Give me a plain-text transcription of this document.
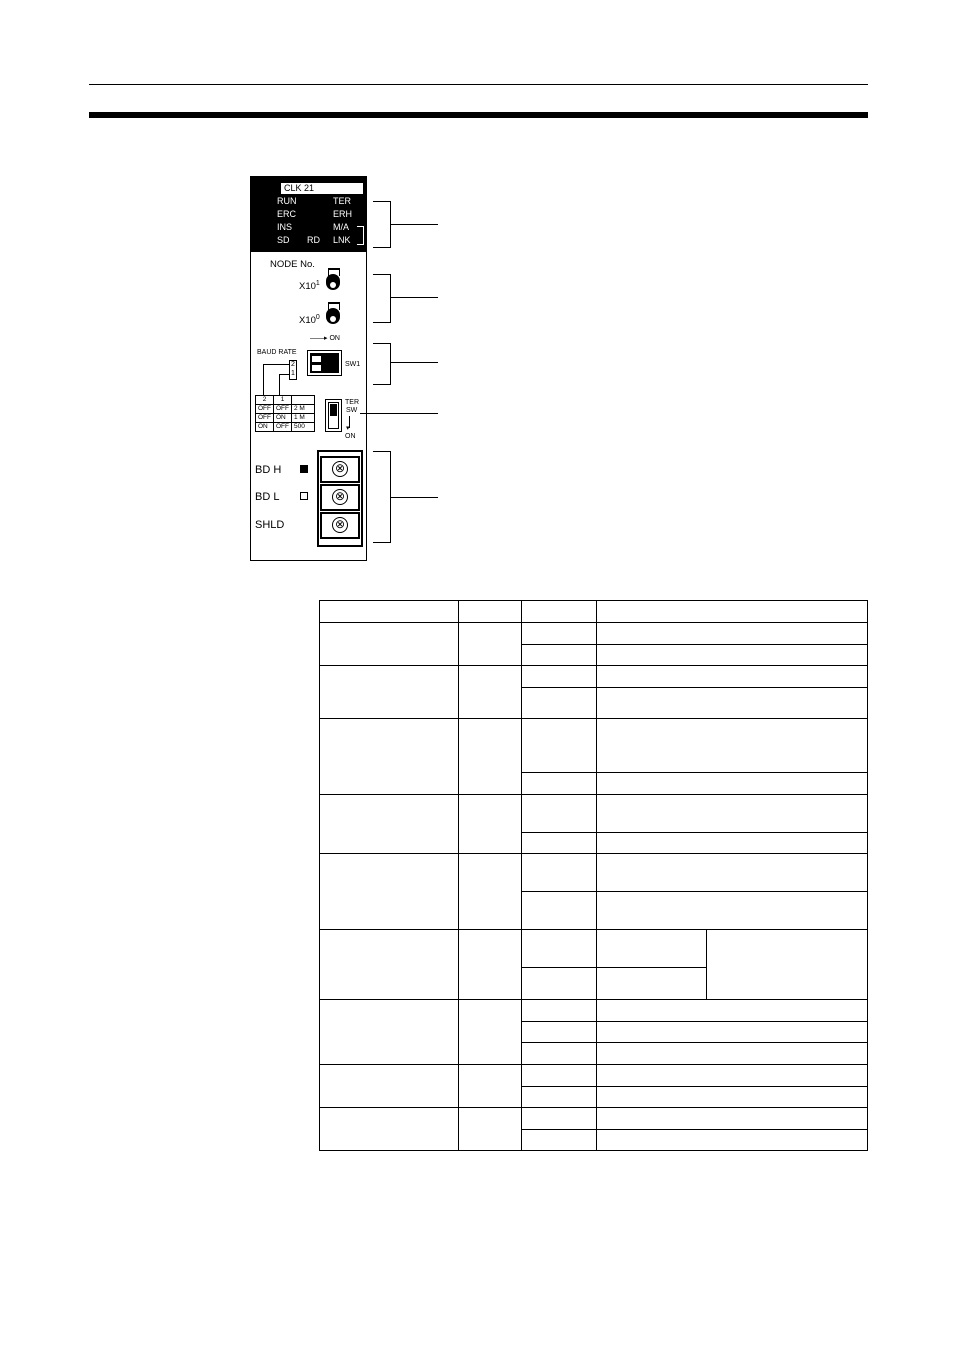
CLK 21
RUN	TER
ERC	ERH
INS	M/A
SD RD LNK
NODE No.
$X10^1$
$X10^0$
——▸ ON
BAUD RATE
2
1
SW1
2	1	
OFF	OFF	2 M
OFF	ON	1 M
ON	OFF	500
TER
SW
▾
ON
BD H
BD L
SHLD
⊗
⊗
⊗
